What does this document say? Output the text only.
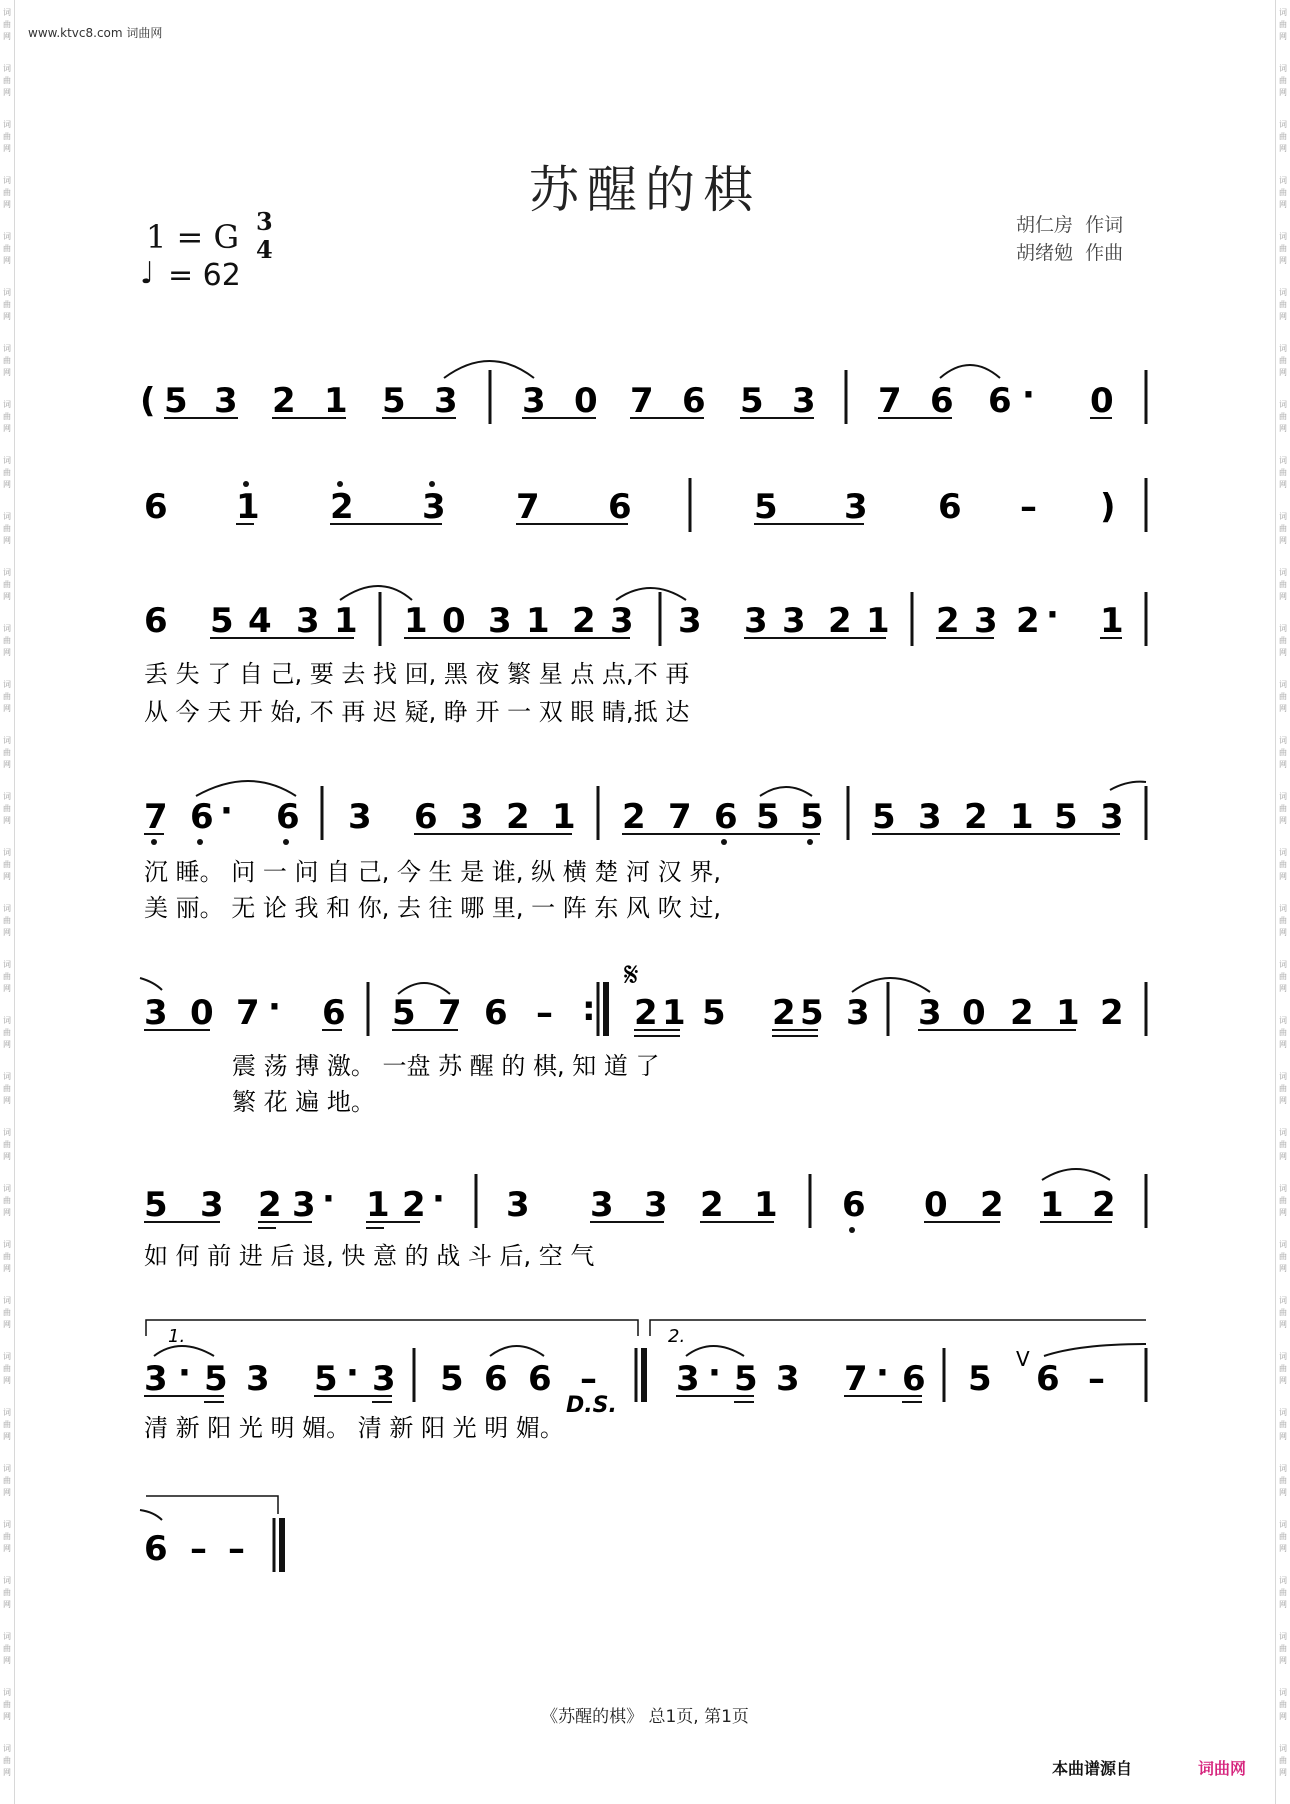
词
曲
网
词
曲
网
词
曲
网
词
曲
网
词
曲
网
词
曲
网
词
曲
网
词
曲
网
词
曲
网
词
曲
网
词
曲
网
词
曲
网
词
曲
网
词
曲
网
词
曲
网
词
曲
网
词
曲
网
词
曲
网
词
曲
网
词
曲
网
词
曲
网
词
曲
网
词
曲
网
词
曲
网
词
曲
网
词
曲
网
词
曲
网
词
曲
网
词
曲
网
词
曲
网
词
曲
网
词
曲
网
词
曲
网
词
曲
网
词
曲
网
词
曲
网
词
曲
网
词
曲
网
词
曲
网
词
曲
网
词
曲
网
词
曲
网
词
曲
网
词
曲
网
词
曲
网
词
曲
网
词
曲
网
词
曲
网
词
曲
网
词
曲
网
词
曲
网
词
曲
网
词
曲
网
词
曲
网
词
曲
网
词
曲
网
词
曲
网
词
曲
网
词
曲
网
词
曲
网
词
曲
网
词
曲
网
词
曲
网
词
曲
网
www.ktvc8.com 词曲网
苏醒的棋
1 = G 3
4
♩ = 62
胡仁房  作词
胡绪勉  作曲
( 5 3 2 1 5 3 3 0 7 6 5 3 7 6 6 · 0
6 1 2 3 7 6	5 3 6 – )
6 5 4 3 1 1 0 3 1 2 3 3 3 3 2 1 2 3 2 · 1
丢 失 了 自 己, 要 去 找 回, 黑 夜 繁 星 点 点,不 再
从 今 天 开 始, 不 再 迟 疑, 睁 开 一 双 眼 睛,抵 达
7 6 · 6 3 6 3 2 1 2 7 6 5 5 5 3 2 1 5 3
沉 睡。 问 一 问 自 己, 今 生 是 谁, 纵 横 楚 河 汉 界,
美 丽。 无 论 我 和 你, 去 往 哪 里, 一 阵 东 风 吹 过,
3 0 7 · 6 5 7 6 – :
𝄋
2 1 5 2 5 3 3 0 2 1 2
震 荡 搏 激。 一盘 苏 醒 的 棋, 知 道 了
繁 花 遍 地。
5 3 2 3 · 1 2 · 3 3 3 2 1 6 0 2 1 2
如 何 前 进 后 退, 快 意 的 战 斗 后, 空 气
1.	2.
3 · 5 3 5 · 3 5 6 6 –
D.S.
3 · 5 3 7 · 6 5 V 6 –
清 新 阳 光 明 媚。 清 新 阳 光 明 媚。
6 – –
《苏醒的棋》 总1页, 第1页
本曲谱源自	词曲网
